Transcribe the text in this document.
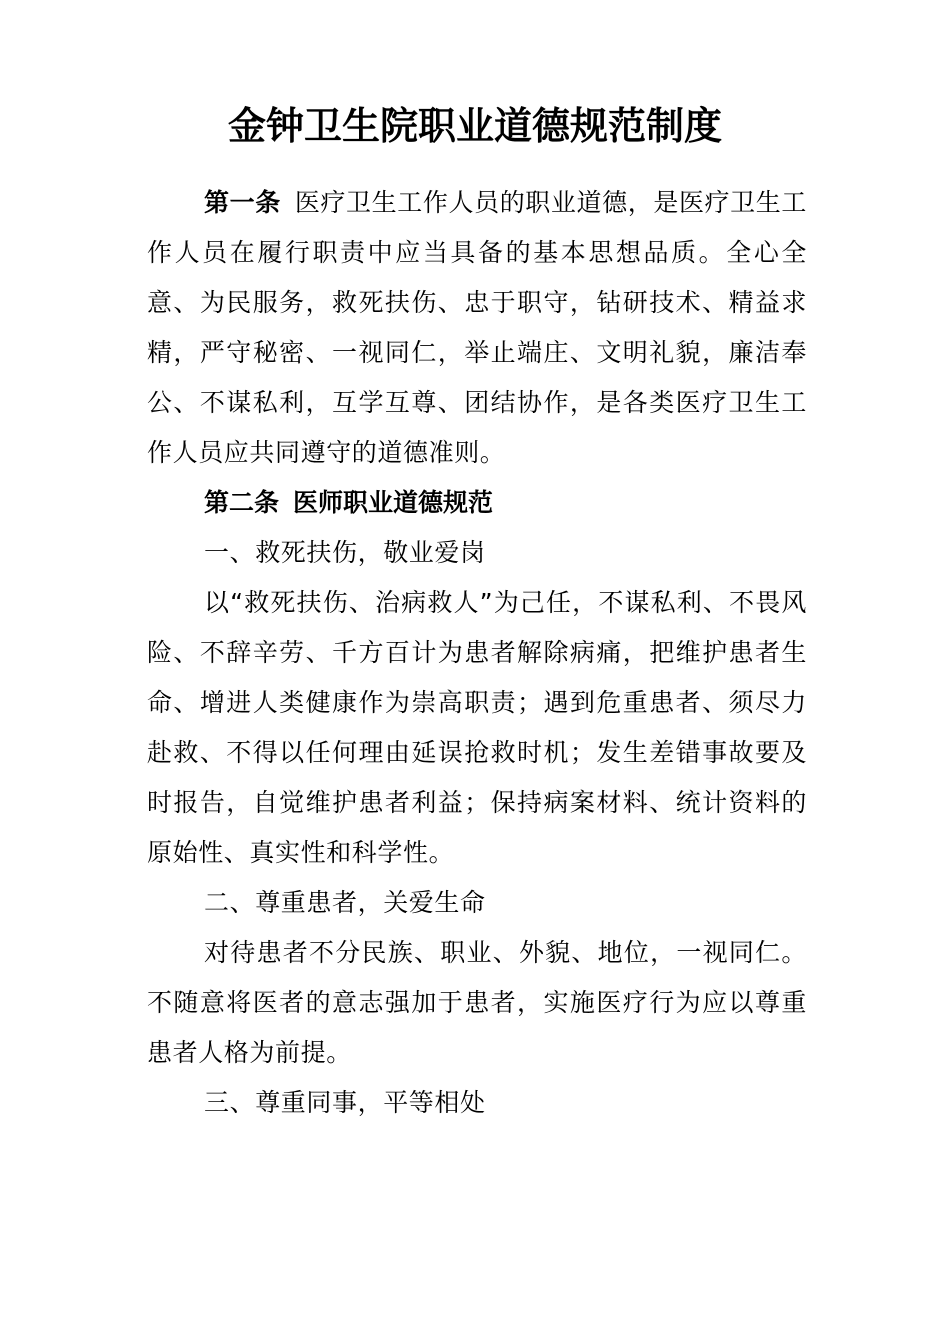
金钟卫生院职业道德规范制度

第一条 医疗卫生工作人员的职业道德，是医疗卫生工作人员在履行职责中应当具备的基本思想品质。全心全意、为民服务，救死扶伤、忠于职守，钻研技术、精益求精，严守秘密、一视同仁，举止端庄、文明礼貌，廉洁奉公、不谋私利，互学互尊、团结协作，是各类医疗卫生工作人员应共同遵守的道德准则。

第二条 医师职业道德规范

一、救死扶伤，敬业爱岗

以“救死扶伤、治病救人”为己任，不谋私利、不畏风险、不辞辛劳、千方百计为患者解除病痛，把维护患者生命、增进人类健康作为崇高职责；遇到危重患者、须尽力赴救、不得以任何理由延误抢救时机；发生差错事故要及时报告，自觉维护患者利益；保持病案材料、统计资料的原始性、真实性和科学性。

二、尊重患者，关爱生命

对待患者不分民族、职业、外貌、地位，一视同仁。不随意将医者的意志强加于患者，实施医疗行为应以尊重患者人格为前提。

三、尊重同事，平等相处
